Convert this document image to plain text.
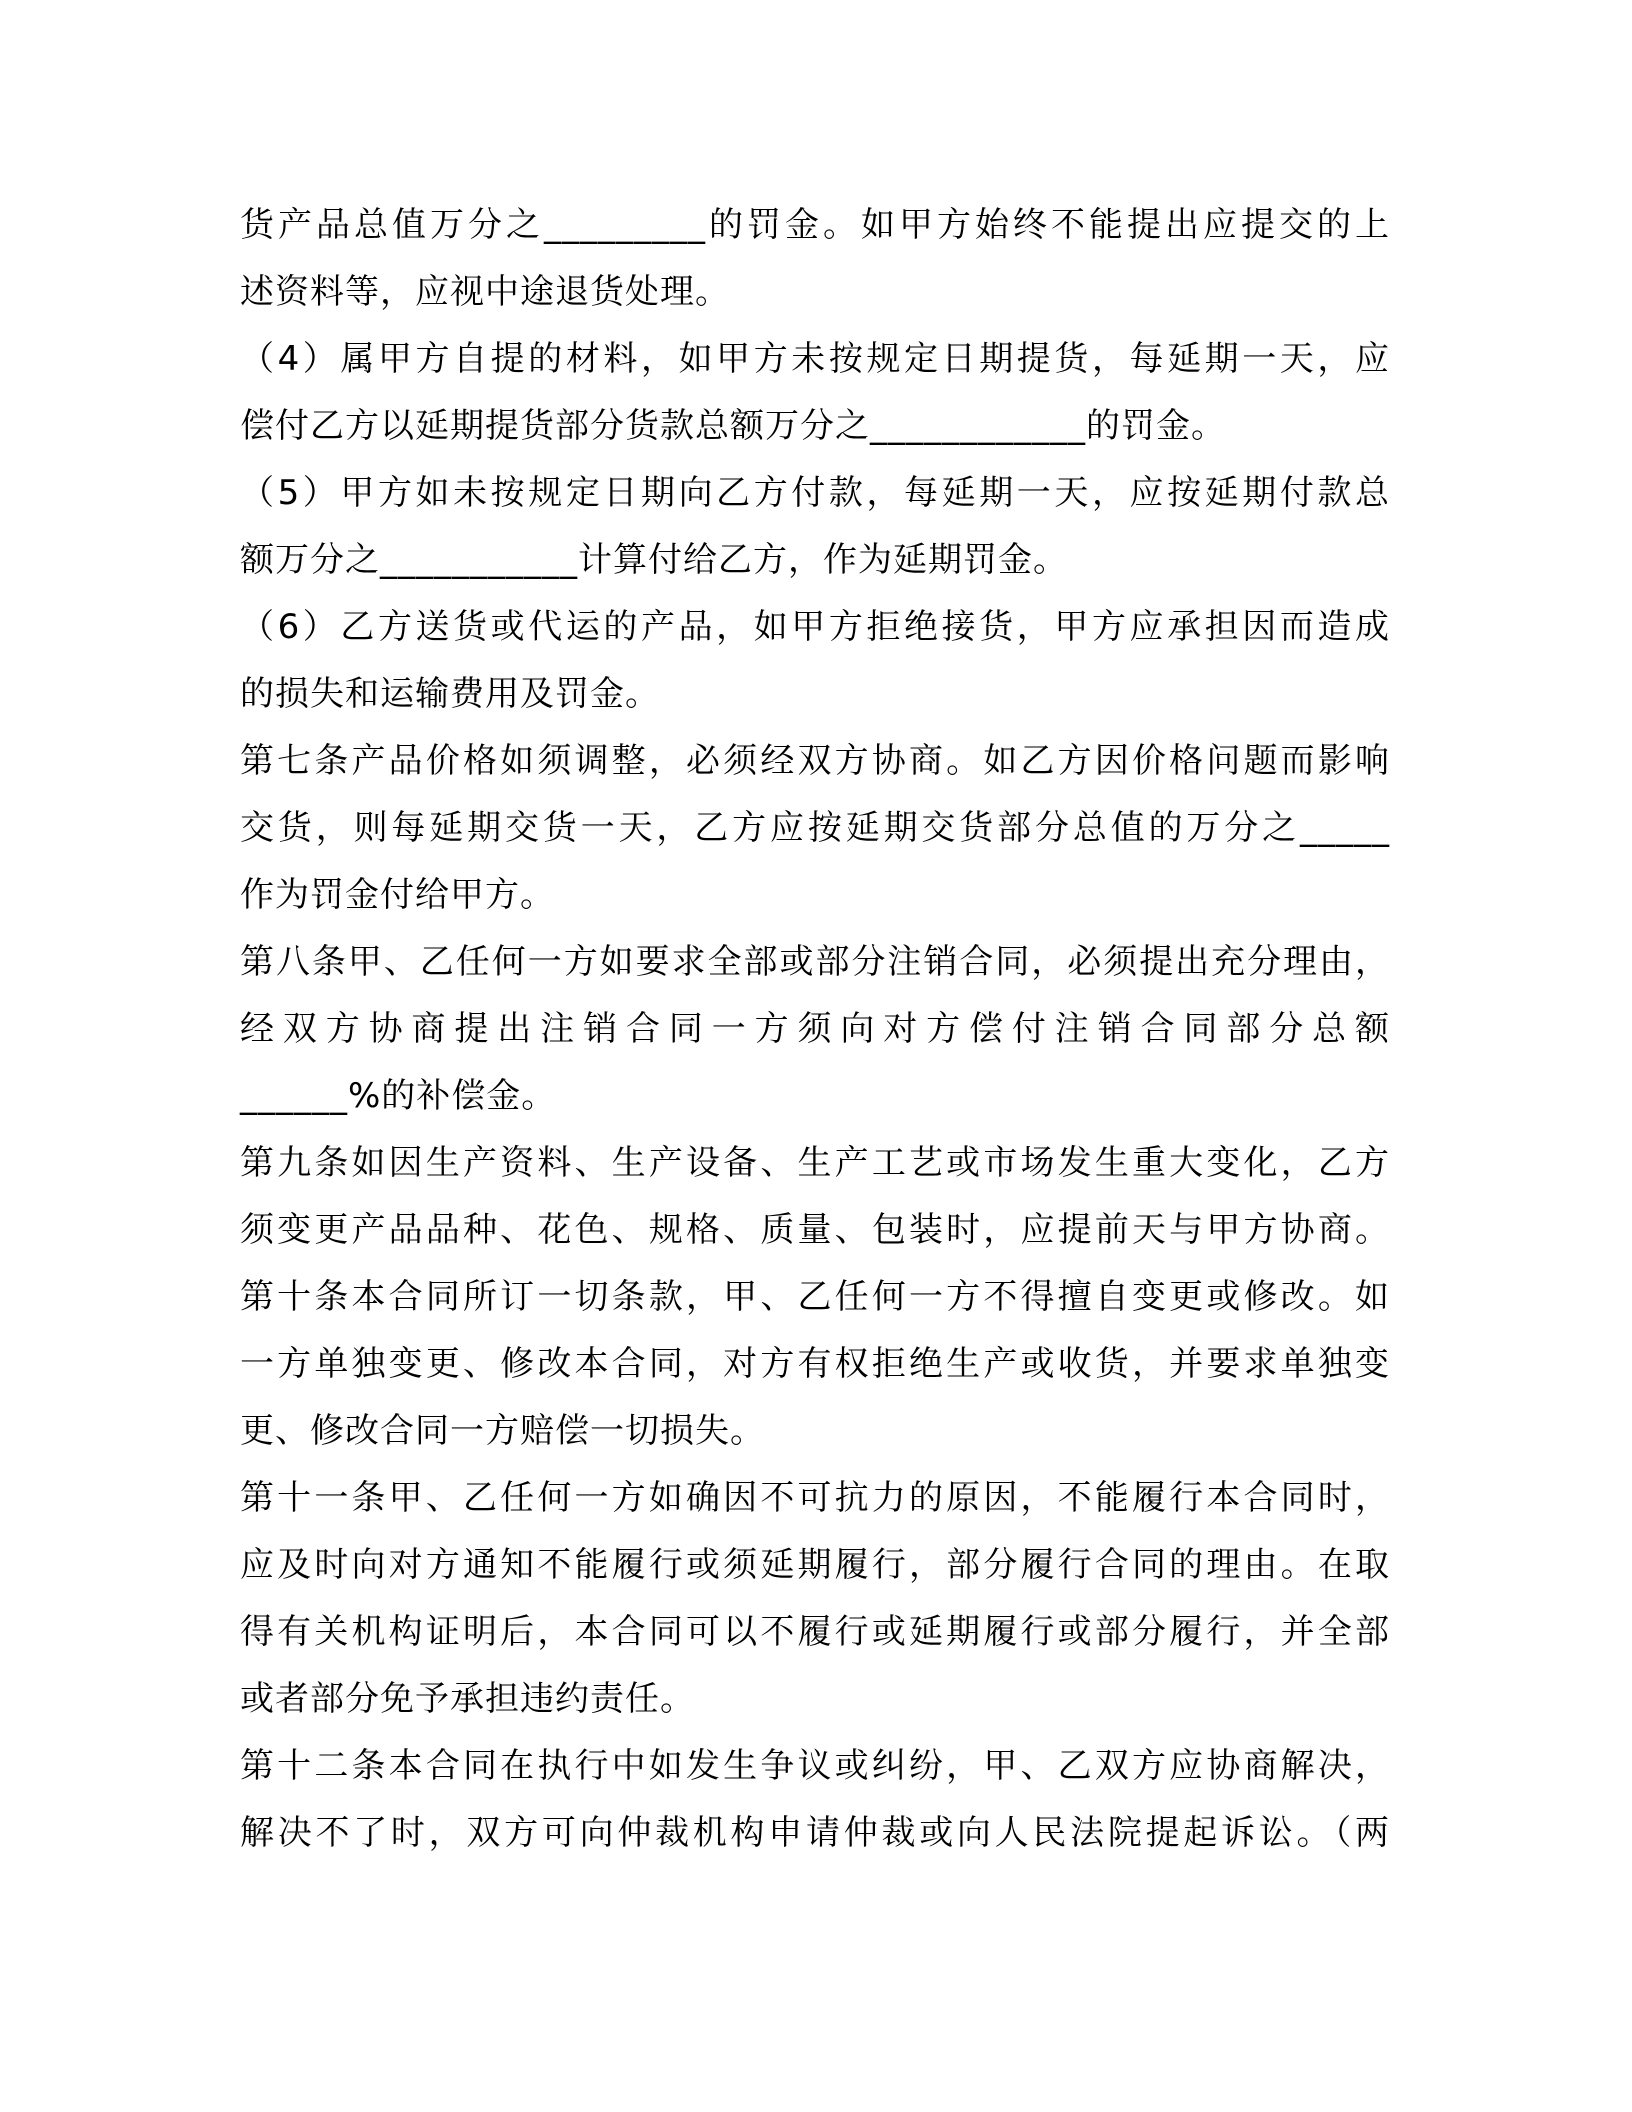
货产品总值万分之_________的罚金。如甲方始终不能提出应提交的上
述资料等，应视中途退货处理。
（4）属甲方自提的材料，如甲方未按规定日期提货，每延期一天，应
偿付乙方以延期提货部分货款总额万分之____________的罚金。
（5）甲方如未按规定日期向乙方付款，每延期一天，应按延期付款总
额万分之___________计算付给乙方，作为延期罚金。
（6）乙方送货或代运的产品，如甲方拒绝接货，甲方应承担因而造成
的损失和运输费用及罚金。
第七条产品价格如须调整，必须经双方协商。如乙方因价格问题而影响
交货，则每延期交货一天，乙方应按延期交货部分总值的万分之_____
作为罚金付给甲方。
第八条甲、乙任何一方如要求全部或部分注销合同，必须提出充分理由，
经双方协商提出注销合同一方须向对方偿付注销合同部分总额
______%的补偿金。
第九条如因生产资料、生产设备、生产工艺或市场发生重大变化，乙方
须变更产品品种、花色、规格、质量、包装时，应提前天与甲方协商。
第十条本合同所订一切条款，甲、乙任何一方不得擅自变更或修改。如
一方单独变更、修改本合同，对方有权拒绝生产或收货，并要求单独变
更、修改合同一方赔偿一切损失。
第十一条甲、乙任何一方如确因不可抗力的原因，不能履行本合同时，
应及时向对方通知不能履行或须延期履行，部分履行合同的理由。在取
得有关机构证明后，本合同可以不履行或延期履行或部分履行，并全部
或者部分免予承担违约责任。
第十二条本合同在执行中如发生争议或纠纷，甲、乙双方应协商解决，
解决不了时，双方可向仲裁机构申请仲裁或向人民法院提起诉讼。（两
